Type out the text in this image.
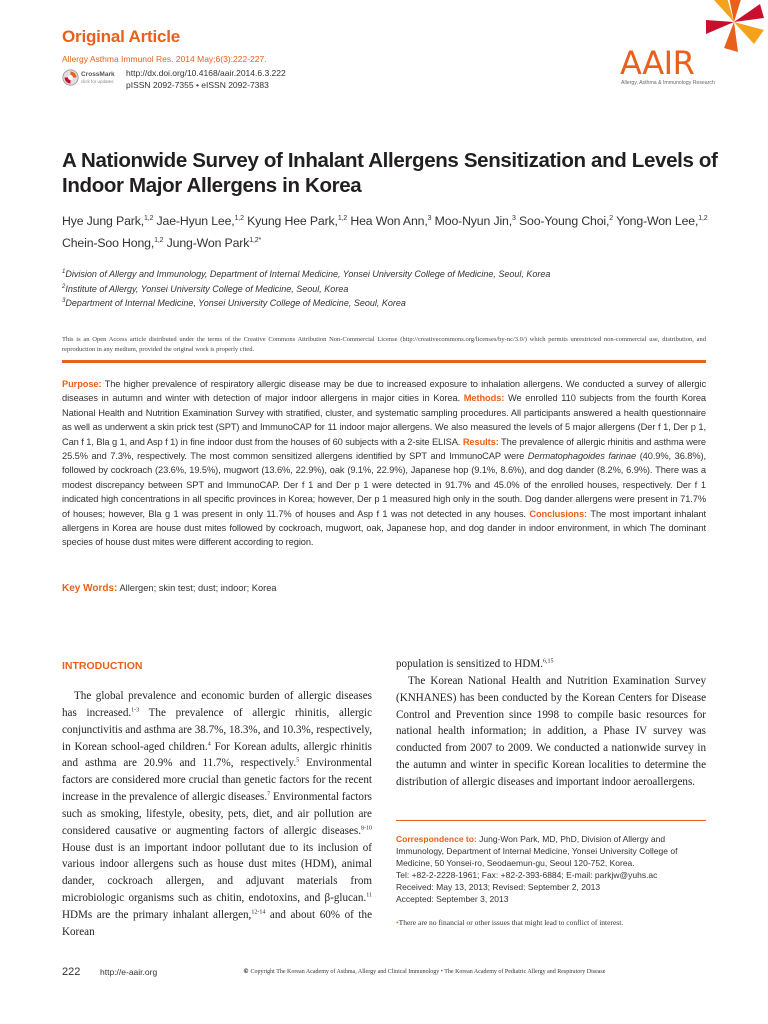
Original Article
Allergy Asthma Immunol Res. 2014 May;6(3):222-227.
CrossMark
click for updates
http://dx.doi.org/10.4168/aair.2014.6.3.222
pISSN 2092-7355 • eISSN 2092-7383
AAIR
Allergy, Asthma & Immunology Research
A Nationwide Survey of Inhalant Allergens Sensitization and Levels of Indoor Major Allergens in Korea
Hye Jung Park,$^{1,2}$ Jae-Hyun Lee,$^{1,2}$ Kyung Hee Park,$^{1,2}$ Hea Won Ann,$^3$ Moo-Nyun Jin,$^3$ Soo-Young Choi,$^2$ Yong-Won Lee,$^{1,2}$
Chein-Soo Hong,$^{1,2}$ Jung-Won Park$^{1,2*}$
$^1$Division of Allergy and Immunology, Department of Internal Medicine, Yonsei University College of Medicine, Seoul, Korea
$^2$Institute of Allergy, Yonsei University College of Medicine, Seoul, Korea
$^3$Department of Internal Medicine, Yonsei University College of Medicine, Seoul, Korea
This is an Open Access article distributed under the terms of the Creative Commons Attribution Non-Commercial License (http://creativecommons.org/licenses/by-nc/3.0/) which permits unrestricted non-commercial use, distribution, and reproduction in any medium, provided the original work is properly cited.
Purpose: The higher prevalence of respiratory allergic disease may be due to increased exposure to inhalation allergens. We conducted a survey of allergic diseases in autumn and winter with detection of major indoor allergens in major cities in Korea. Methods: We enrolled 110 subjects from the fourth Korea National Health and Nutrition Examination Survey with stratified, cluster, and systematic sampling procedures. All participants answered a health questionnaire as well as underwent a skin prick test (SPT) and ImmunoCAP for 11 indoor major allergens. We also measured the levels of 5 major allergens (Der f 1, Der p 1, Can f 1, Bla g 1, and Asp f 1) in fine indoor dust from the houses of 60 subjects with a 2-site ELISA. Results: The prevalence of allergic rhinitis and asthma were 25.5% and 7.3%, respectively. The most common sensitized allergens identified by SPT and ImmunoCAP were Dermatophagoides farinae (40.9%, 36.8%), followed by cockroach (23.6%, 19.5%), mugwort (13.6%, 22.9%), oak (9.1%, 22.9%), Japanese hop (9.1%, 8.6%), and dog dander (8.2%, 6.9%). There was a modest discrepancy between SPT and ImmunoCAP. Der f 1 and Der p 1 were detected in 91.7% and 45.0% of the enrolled houses, respectively. Der f 1 indicated high concentrations in all specific provinces in Korea; however, Der p 1 measured high only in the south. Dog dander allergens were present in 71.7% of houses; however, Bla g 1 was present in only 11.7% of houses and Asp f 1 was not detected in any houses. Conclusions: The most important inhalant allergens in Korea are house dust mites followed by cockroach, mugwort, oak, Japanese hop, and dog dander in indoor environment, in which The dominant species of house dust mites were different according to region.
Key Words: Allergen; skin test; dust; indoor; Korea
INTRODUCTION
The global prevalence and economic burden of allergic diseases has increased.$^{1-3}$ The prevalence of allergic rhinitis, allergic conjunctivitis and asthma are 38.7%, 18.3%, and 10.3%, respectively, in Korean school-aged children.$^4$ For Korean adults, allergic rhinitis and asthma are 20.9% and 11.7%, respectively.$^5$ Environmental factors are considered more crucial than genetic factors for the recent increase in the prevalence of allergic diseases.$^7$ Environmental factors such as smoking, lifestyle, obesity, pets, diet, and air pollution are considered causative or augmenting factors of allergic diseases.$^{8-10}$ House dust is an important indoor pollutant due to its inclusion of various indoor allergens such as house dust mites (HDM), animal dander, cockroach allergen, and adjuvant materials from microbiologic organisms such as chitin, endotoxins, and β-glucan.$^{11}$ HDMs are the primary inhalant allergen,$^{12-14}$ and about 60% of the Korean
population is sensitized to HDM.$^{6,15}$
The Korean National Health and Nutrition Examination Survey (KNHANES) has been conducted by the Korean Centers for Disease Control and Prevention since 1998 to compile basic resources for national health information; in addition, a Phase IV survey was conducted from 2007 to 2009. We conducted a nationwide survey in the autumn and winter in specific Korean localities to determine the distribution of allergic diseases and important indoor aeroallergens.
Correspondence to: Jung-Won Park, MD, PhD, Division of Allergy and Immunology, Department of Internal Medicine, Yonsei University College of Medicine, 50 Yonsei-ro, Seodaemun-gu, Seoul 120-752, Korea.
Tel: +82-2-2228-1961; Fax: +82-2-393-6884; E-mail: parkjw@yuhs.ac
Received: May 13, 2013; Revised: September 2, 2013
Accepted: September 3, 2013
•There are no financial or other issues that might lead to conflict of interest.
222 http://e-aair.org	© Copyright The Korean Academy of Asthma, Allergy and Clinical Immunology • The Korean Academy of Pediatric Allergy and Respiratory Disease
